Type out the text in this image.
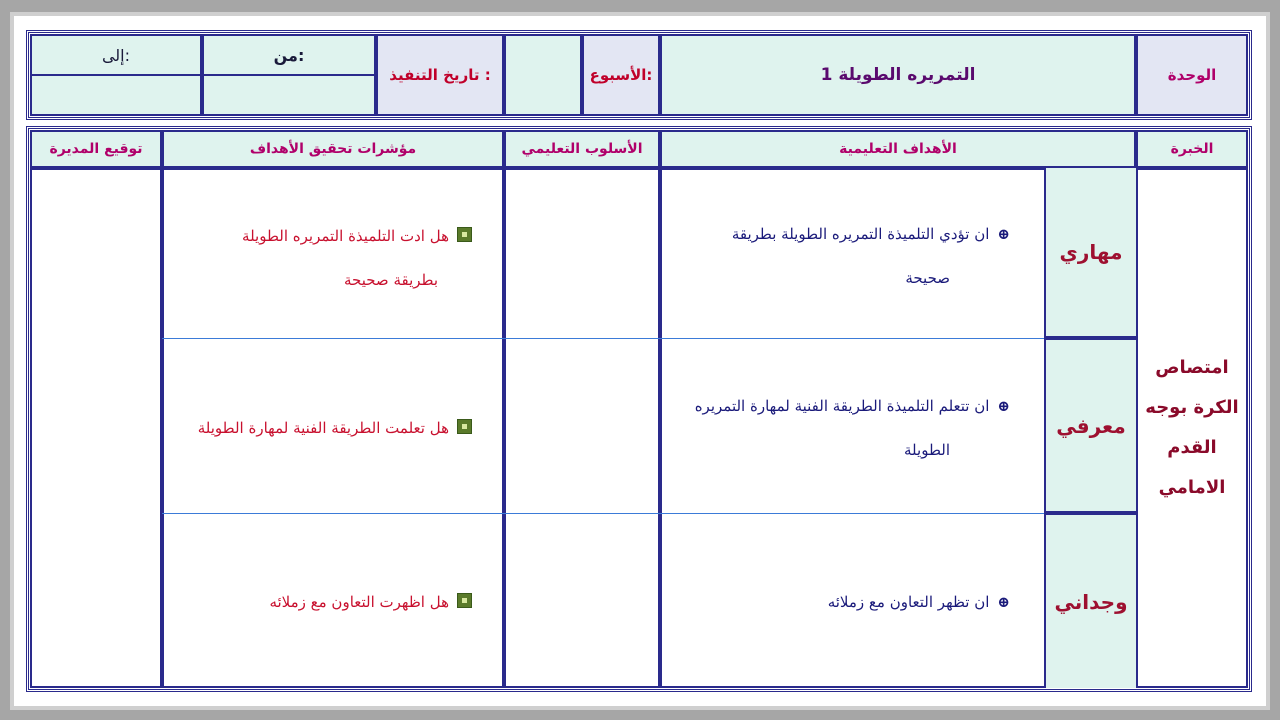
الوحدة
التمريره الطويلة 1
الأسبوع:
تاريخ التنفيذ :
من:
إلى:
الخبرة
الأهداف التعليمية
الأسلوب التعليمي
مؤشرات تحقيق الأهداف
توقيع المديرة
امتصاص
الكرة بوجه
القدم
الامامي
مهاري
معرفي
وجداني
⊕ان تؤدي التلميذة التمريره الطويلة بطريقة
صحيحة
⊕ان تتعلم التلميذة الطريقة الفنية لمهارة التمريره
الطويلة
⊕ان تظهر التعاون مع زملائه
هل ادت التلميذة التمريره الطويلة
بطريقة صحيحة
هل تعلمت الطريقة الفنية لمهارة الطويلة
هل اظهرت التعاون مع زملائه
